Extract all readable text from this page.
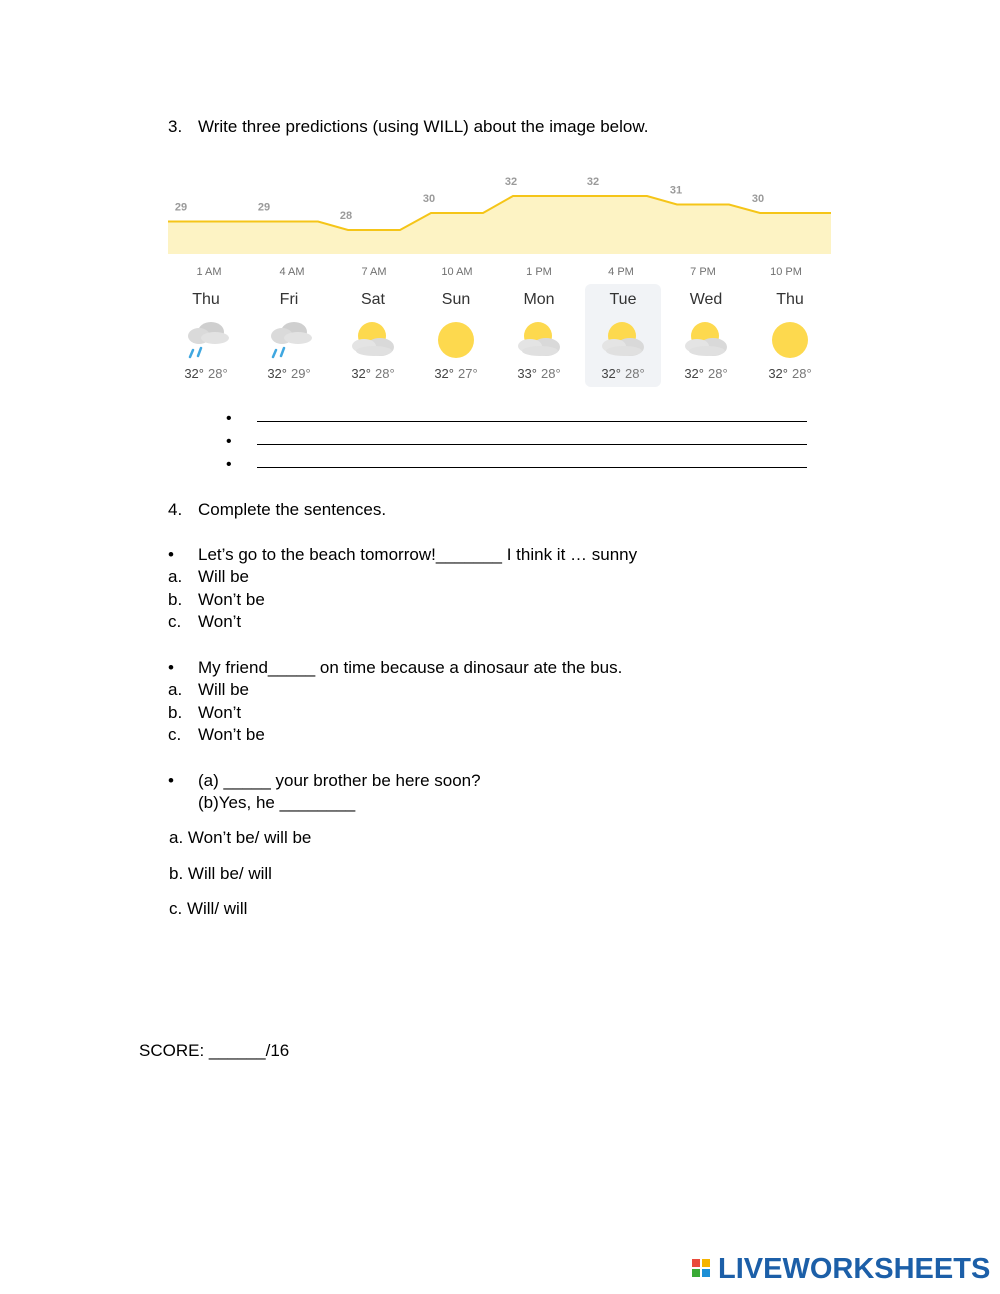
3. Write three predictions (using WILL) about the image below.
29	29
28
30
32	32
31
30
1 AM	4 AM	7 AM	10 AM	1 PM	4 PM	7 PM	10 PM
Thu
32° 28°
Fri
32° 29°
Sat
32° 28°
Sun
32° 27°
Mon
33° 28°
Tue
32° 28°
Wed
32° 28°
Thu
32° 28°
•
•
•
4. Complete the sentences.
• Let’s go to the beach tomorrow!_______ I think it … sunny
a. Will be
b. Won’t be
c. Won’t
• My friend_____ on time because a dinosaur ate the bus.
a. Will be
b. Won’t
c. Won’t be
• (a) _____ your brother be here soon?
(b)Yes, he ________
a. Won’t be/ will be
b. Will be/ will
c. Will/ will
SCORE: ______/16
LIVEWORKSHEETS
